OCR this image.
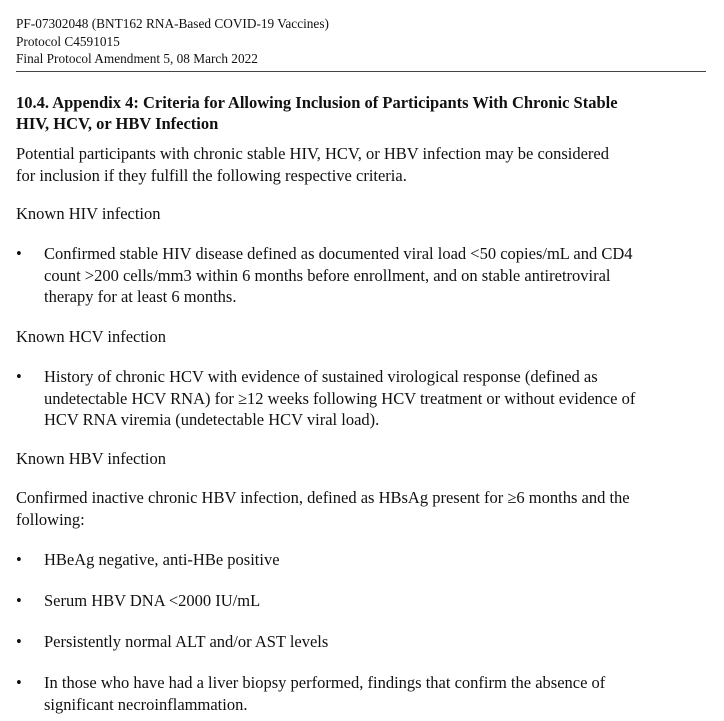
PF-07302048 (BNT162 RNA-Based COVID-19 Vaccines)
Protocol C4591015
Final Protocol Amendment 5, 08 March 2022
10.4. Appendix 4: Criteria for Allowing Inclusion of Participants With Chronic Stable
HIV, HCV, or HBV Infection
Potential participants with chronic stable HIV, HCV, or HBV infection may be considered
for inclusion if they fulfill the following respective criteria.
Known HIV infection
•	Confirmed stable HIV disease defined as documented viral load <50 copies/mL and CD4
count >200 cells/mm3 within 6 months before enrollment, and on stable antiretroviral
therapy for at least 6 months.
Known HCV infection
•	History of chronic HCV with evidence of sustained virological response (defined as
undetectable HCV RNA) for ≥12 weeks following HCV treatment or without evidence of
HCV RNA viremia (undetectable HCV viral load).
Known HBV infection
Confirmed inactive chronic HBV infection, defined as HBsAg present for ≥6 months and the
following:
•	HBeAg negative, anti-HBe positive
•	Serum HBV DNA <2000 IU/mL
•	Persistently normal ALT and/or AST levels
•	In those who have had a liver biopsy performed, findings that confirm the absence of
significant necroinflammation.
